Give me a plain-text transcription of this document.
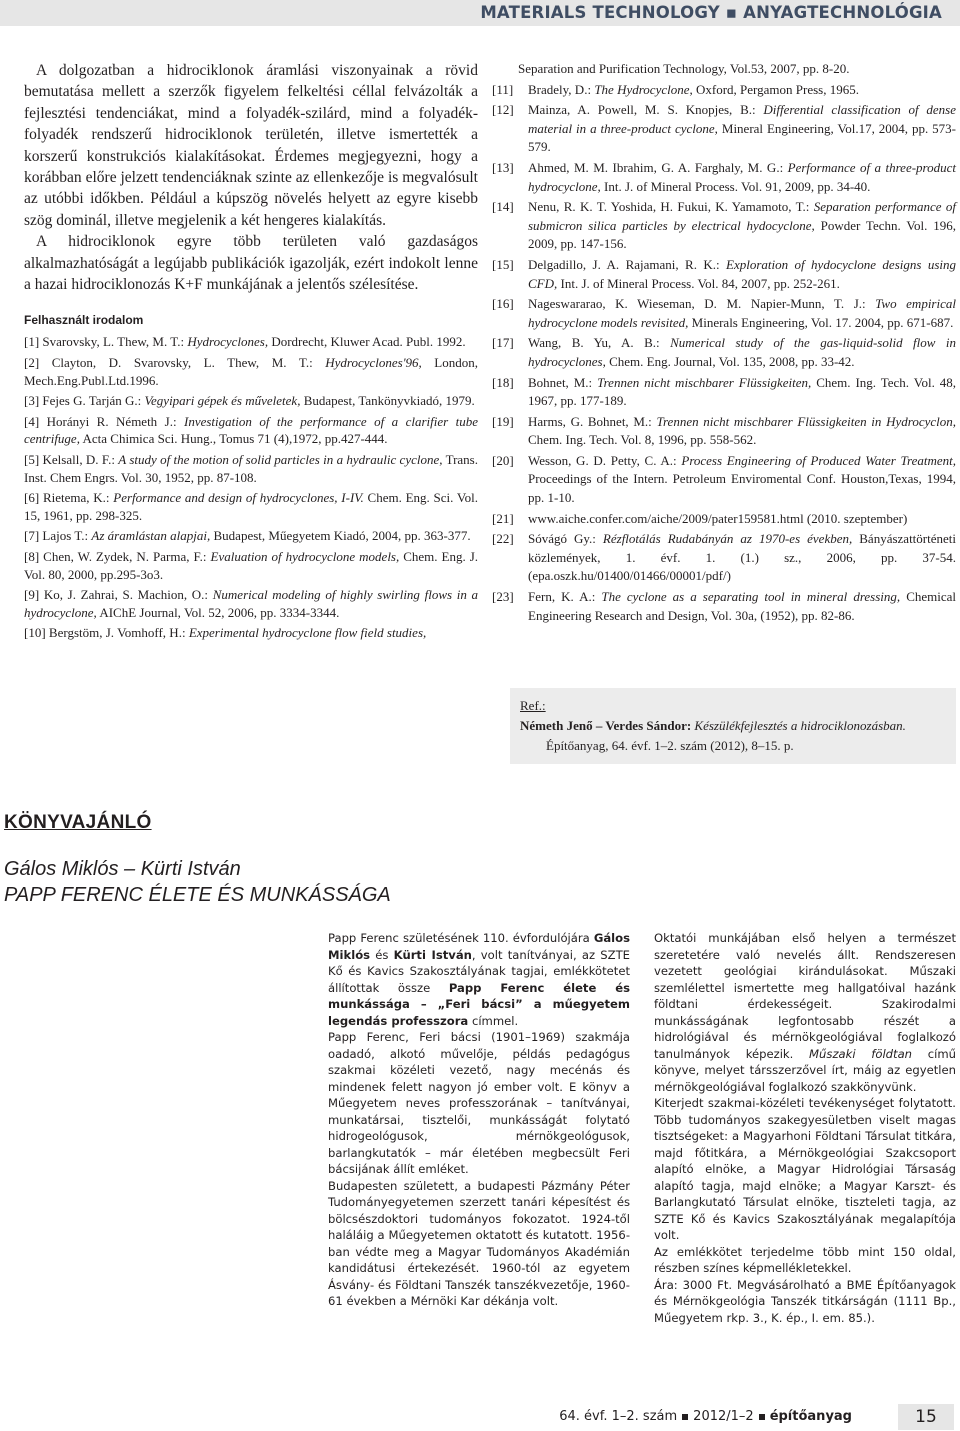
MATERIALS TECHNOLOGY ▪ ANYAGTECHNOLÓGIA

A dolgozatban a hidrociklonok áramlási viszonyainak a rövid bemutatása mellett a szerzők figyelem felkeltési céllal felvázolták a fejlesztési tendenciákat, mind a folyadék-szilárd, mind a folyadék-folyadék rendszerű hidrociklonok területén, illetve ismertették a korszerű konstrukciós kialakításokat. Érdemes megjegyezni, hogy a korábban előre jelzett tendenciáknak szinte az ellenkezője is megvalósult az utóbbi időkben. Például a kúpszög növelés helyett az egyre kisebb szög dominál, illetve megjelenik a két hengeres kialakítás.

A hidrociklonok egyre több területen való gazdaságos alkalmazhatóságát a legújabb publikációk igazolják, ezért indokolt lenne a hazai hidrociklonozás K+F munkájának a jelentős szélesítése.

Felhasznált irodalom

[1] Svarovsky, L. Thew, M. T.: Hydrocyclones, Dordrecht, Kluwer Acad. Publ. 1992.

[2] Clayton, D. Svarovsky, L. Thew, M. T.: Hydrocyclones'96, London, Mech.Eng.Publ.Ltd.1996.

[3] Fejes G. Tarján G.: Vegyipari gépek és műveletek, Budapest, Tankönyvkiadó, 1979.

[4] Horányi R. Németh J.: Investigation of the performance of a clarifier tube centrifuge, Acta Chimica Sci. Hung., Tomus 71 (4),1972, pp.427-444.

[5] Kelsall, D. F.: A study of the motion of solid particles in a hydraulic cyclone, Trans. Inst. Chem Engrs. Vol. 30, 1952, pp. 87-108.

[6] Rietema, K.: Performance and design of hydrocyclones, I-IV. Chem. Eng. Sci. Vol. 15, 1961, pp. 298-325.

[7] Lajos T.: Az áramlástan alapjai, Budapest, Műegyetem Kiadó, 2004, pp. 363-377.

[8] Chen, W. Zydek, N. Parma, F.: Evaluation of hydrocyclone models, Chem. Eng. J. Vol. 80, 2000, pp.295-3o3.

[9] Ko, J. Zahrai, S. Machion, O.: Numerical modeling of highly swirling flows in a hydrocyclone, AIChE Journal, Vol. 52, 2006, pp. 3334-3344.

[10] Bergstöm, J. Vomhoff, H.: Experimental hydrocyclone flow field studies,

Separation and Purification Technology, Vol.53, 2007, pp. 8-20.

[11] Bradely, D.: The Hydrocyclone, Oxford, Pergamon Press, 1965.

[12] Mainza, A. Powell, M. S. Knopjes, B.: Differential classification of dense material in a three-product cyclone, Mineral Engineering, Vol.17, 2004, pp. 573-579.

[13] Ahmed, M. M. Ibrahim, G. A. Farghaly, M. G.: Performance of a three-product hydrocyclone, Int. J. of Mineral Process. Vol. 91, 2009, pp. 34-40.

[14] Nenu, R. K. T. Yoshida, H. Fukui, K. Yamamoto, T.: Separation performance of submicron silica particles by electrical hydocyclone, Powder Techn. Vol. 196, 2009, pp. 147-156.

[15] Delgadillo, J. A. Rajamani, R. K.: Exploration of hydocyclone designs using CFD, Int. J. of Mineral Process. Vol. 84, 2007, pp. 252-261.

[16] Nageswararao, K. Wieseman, D. M. Napier-Munn, T. J.: Two empirical hydrocyclone models revisited, Minerals Engineering, Vol. 17. 2004, pp. 671-687.

[17] Wang, B. Yu, A. B.: Numerical study of the gas-liquid-solid flow in hydrocyclones, Chem. Eng. Journal, Vol. 135, 2008, pp. 33-42.

[18] Bohnet, M.: Trennen nicht mischbarer Flüssigkeiten, Chem. Ing. Tech. Vol. 48, 1967, pp. 177-189.

[19] Harms, G. Bohnet, M.: Trennen nicht mischbarer Flüssigkeiten in Hydrocyclon, Chem. Ing. Tech. Vol. 8, 1996, pp. 558-562.

[20] Wesson, G. D. Petty, C. A.: Process Engineering of Produced Water Treatment, Proceedings of the Intern. Petroleum Enviromental Conf. Houston,Texas, 1994, pp. 1-10.

[21] www.aiche.confer.com/aiche/2009/pater159581.html (2010. szeptember)

[22] Sóvágó Gy.: Rézflotálás Rudabányán az 1970-es években, Bányászattörténeti közlemények, 1. évf. 1. (1.) sz., 2006, pp. 37-54. (epa.oszk.hu/01400/01466/00001/pdf/)

[23] Fern, K. A.: The cyclone as a separating tool in mineral dressing, Chemical Engineering Research and Design, Vol. 30a, (1952), pp. 82-86.

Ref.:
Németh Jenő – Verdes Sándor: Készülékfejlesztés a hidrociklonozásban.
Építőanyag, 64. évf. 1–2. szám (2012), 8–15. p.
KÖNYVAJÁNLÓ
Gálos Miklós – Kürti István
PAPP FERENC ÉLETE ÉS MUNKÁSSÁGA

Papp Ferenc születésének 110. évfordulójára Gálos Miklós és Kürti István, volt tanítványai, az SZTE Kő és Kavics Szakosztályának tagjai, emlékkötetet állítottak össze Papp Ferenc élete és munkássága – „Feri bácsi” a műegyetem legendás professzora címmel.

Papp Ferenc, Feri bácsi (1901–1969) szakmája oadadó, alkotó művelője, példás pedagógus szakmai közéleti vezető, nagy mecénás és mindenek felett nagyon jó ember volt. E könyv a Műegyetem neves professzorának – tanítványai, munkatársai, tisztelői, munkásságát folytató hidrogeológusok, mérnökgeológusok, barlangkutatók – már életében megbecsült Feri bácsijának állít emléket.

Budapesten született, a budapesti Pázmány Péter Tudományegyetemen szerzett tanári képesítést és bölcsészdoktori tudományos fokozatot. 1924-től haláláig a Műegyetemen oktatott és kutatott. 1956-ban védte meg a Magyar Tudományos Akadémián kandidátusi értekezését. 1960-tól az egyetem Ásvány- és Földtani Tanszék tanszékvezetője, 1960-61 években a Mérnöki Kar dékánja volt.

Oktatói munkájában első helyen a természet szeretetére való nevelés állt. Rendszeresen vezetett geológiai kirándulásokat. Műszaki szemlélettel ismertette meg hallgatóival hazánk földtani érdekességeit. Szakirodalmi munkásságának legfontosabb részét a hidrológiával és mérnökgeológiával foglalkozó tanulmányok képezik. Műszaki földtan című könyve, melyet társszerzővel írt, máig az egyetlen mérnökgeológiával foglalkozó szakkönyvünk.

Kiterjedt szakmai-közéleti tevékenységet folytatott. Több tudományos szakegyesületben viselt magas tisztségeket: a Magyarhoni Földtani Társulat titkára, majd főtitkára, a Mérnökgeológiai Szakcsoport alapító elnöke, a Magyar Hidrológiai Társaság alapító tagja, majd elnöke; a Magyar Karszt- és Barlangkutató Társulat elnöke, tiszteleti tagja, az SZTE Kő és Kavics Szakosztályának megalapítója volt.

Az emlékkötet terjedelme több mint 150 oldal, részben színes képmellékletekkel.

Ára: 3000 Ft. Megvásárolható a BME Építőanyagok és Mérnökgeológia Tanszék titkárságán (1111 Bp., Műegyetem rkp. 3., K. ép., I. em. 85.).

64. évf. 1–2. szám 2012/1–2 építőanyag	15
